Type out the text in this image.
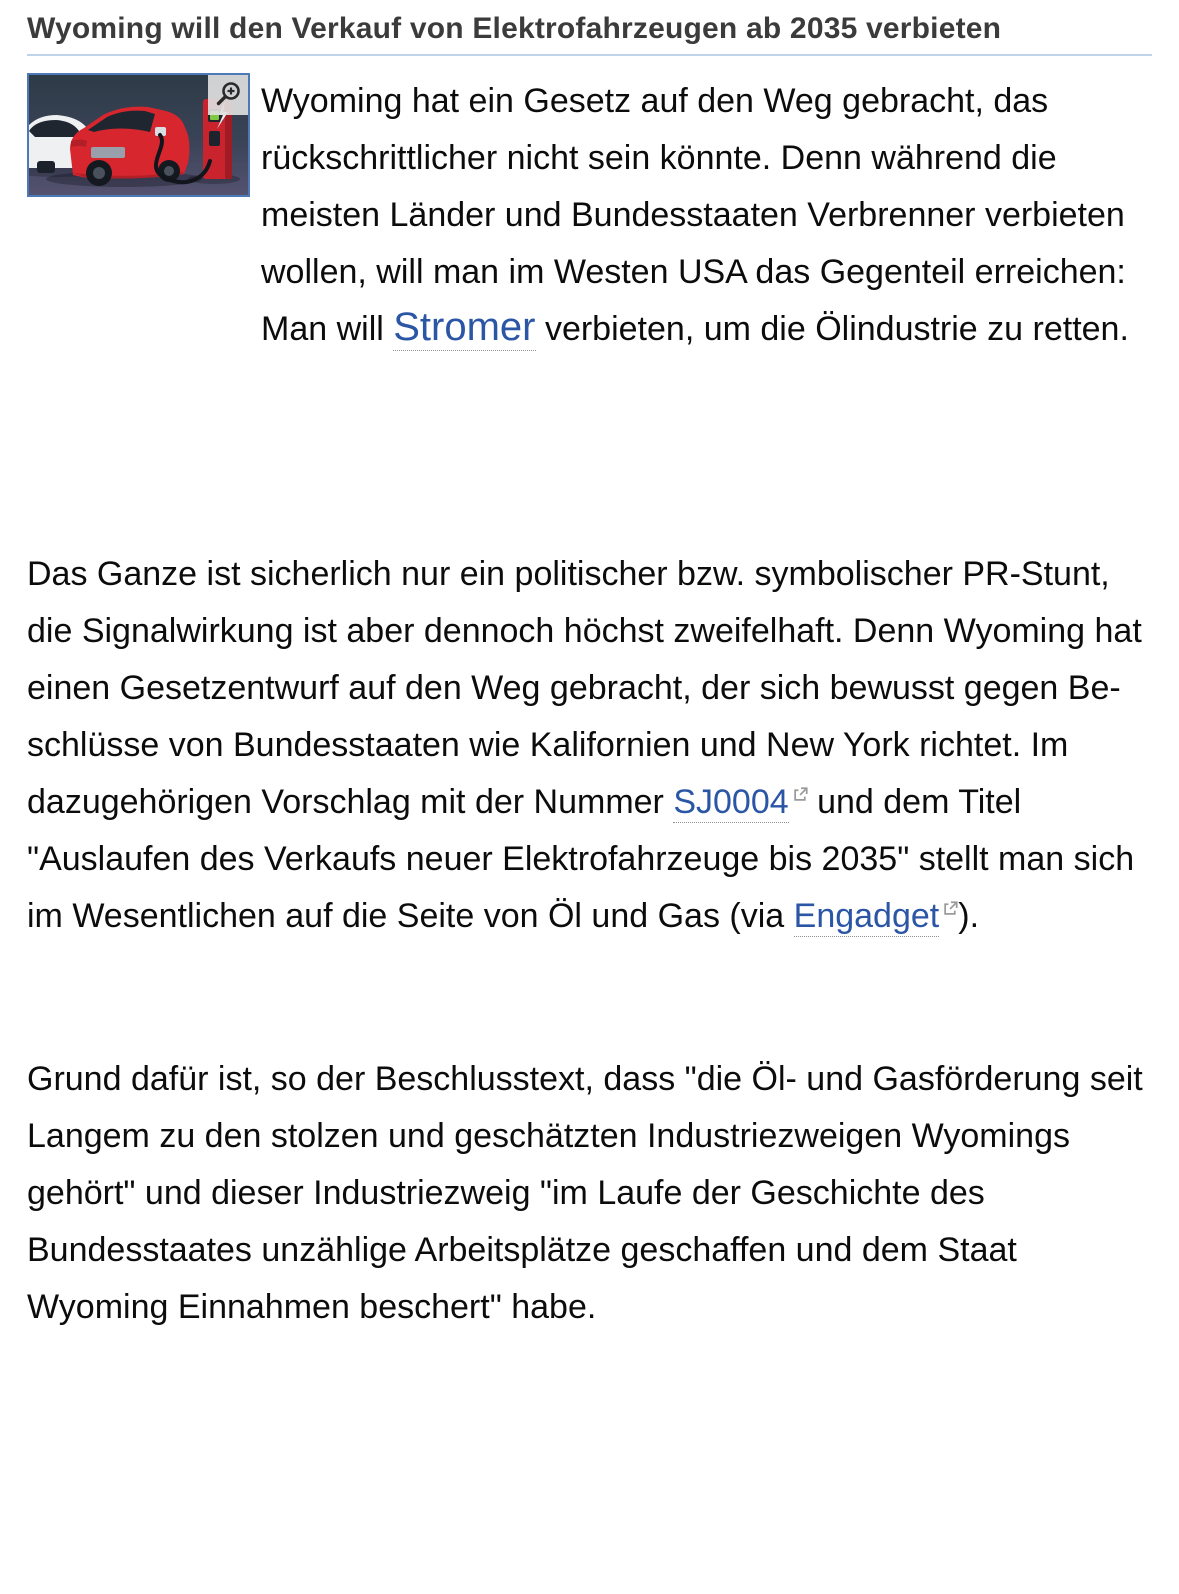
Wyoming will den Verkauf von Elektrofahrzeugen ab 2035 verbieten

Wyoming hat ein Gesetz auf den Weg gebracht, das rückschrittlicher nicht sein könnte. Denn während die meisten Länder und Bundesstaaten Verbrenner verbieten wollen, will man im Westen USA das Gegenteil erreichen: Man will Stromer verbieten, um die Ölindustrie zu retten.

Das Ganze ist sicherlich nur ein politischer bzw. symbolischer PR-Stunt, die Signalwirkung ist aber dennoch höchst zweifelhaft. Denn Wyoming hat einen Gesetzentwurf auf den Weg gebracht, der sich bewusst gegen Beschlüsse von Bundesstaaten wie Kalifornien und New York richtet. Im dazugehörigen Vorschlag mit der Nummer SJ0004 und dem Titel "Auslaufen des Verkaufs neuer Elektrofahrzeuge bis 2035" stellt man sich im Wesentlichen auf die Seite von Öl und Gas (via Engadget ).

Grund dafür ist, so der Beschlusstext, dass "die Öl- und Gasförderung seit Langem zu den stolzen und geschätzten Industriezweigen Wyomings gehört" und dieser Industriezweig "im Laufe der Geschichte des Bundesstaates unzählige Arbeitsplätze geschaffen und dem Staat Wyoming Einnahmen beschert" habe.
